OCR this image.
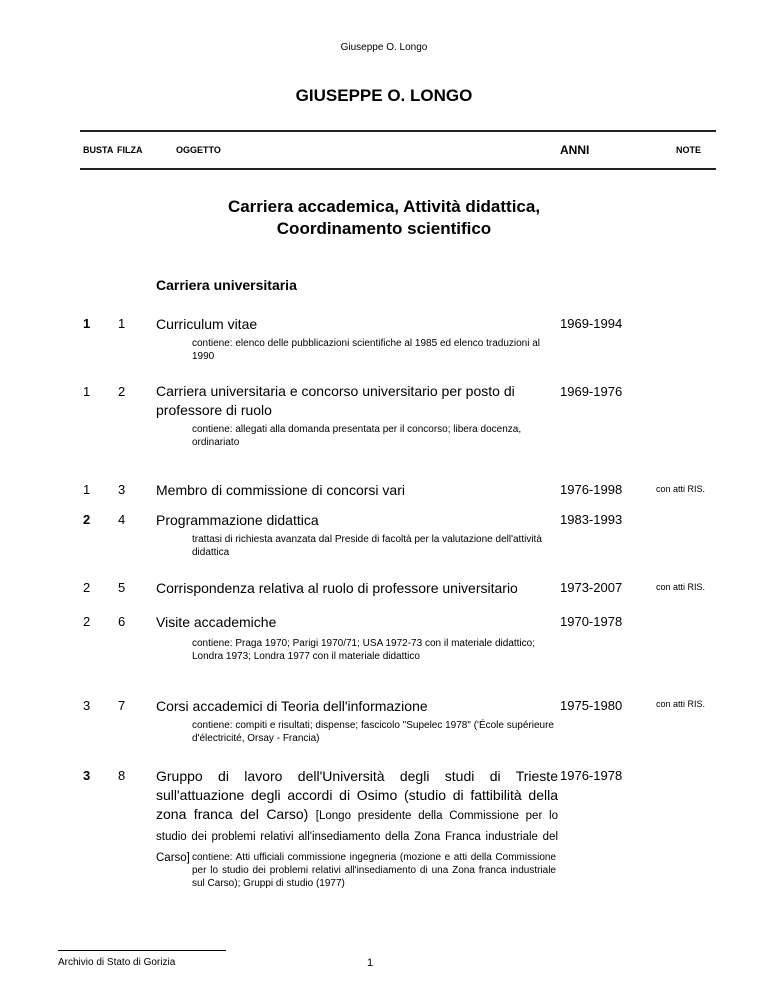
Giuseppe O. Longo
GIUSEPPE O. LONGO
BUSTA FILZA	OGGETTO	ANNI	NOTE
Carriera accademica, Attività didattica,
Coordinamento scientifico
Carriera universitaria
1 1 Curriculum vitae	1969-1994
contiene: elenco delle pubblicazioni scientifiche al 1985 ed elenco traduzioni al 1990
1 2 Carriera universitaria e concorso universitario per posto di professore di ruolo
1969-1976
contiene: allegati alla domanda presentata per il concorso; libera docenza, ordinariato
1 3 Membro di commissione di concorsi vari	1976-1998	con atti RIS.
2 4 Programmazione didattica	1983-1993
trattasi di richiesta avanzata dal Preside di facoltà per la valutazione dell'attività didattica
2 5 Corrispondenza relativa al ruolo di professore universitario	1973-2007	con atti RIS.
2 6 Visite accademiche	1970-1978
contiene: Praga 1970; Parigi 1970/71; USA 1972-73 con il materiale didattico; Londra 1973; Londra 1977 con il materiale didattico
3 7 Corsi accademici di Teoria dell'informazione	1975-1980	con atti RIS.
contiene: compiti e risultati; dispense; fascicolo "Supelec 1978" ('École supérieure d'électricité, Orsay - Francia)
3 8 Gruppo di lavoro dell'Università degli studi di Trieste sull'attuazione degli accordi di Osimo (studio di fattibilità della zona franca del Carso) [Longo presidente della Commissione per lo studio dei problemi relativi all'insediamento della Zona Franca industriale del Carso]
1976-1978
contiene: Atti ufficiali commissione ingegneria (mozione e atti della Commissione per lo studio dei problemi relativi all'insediamento di una Zona franca industriale sul Carso); Gruppi di studio (1977)
Archivio di Stato di Gorizia	1
